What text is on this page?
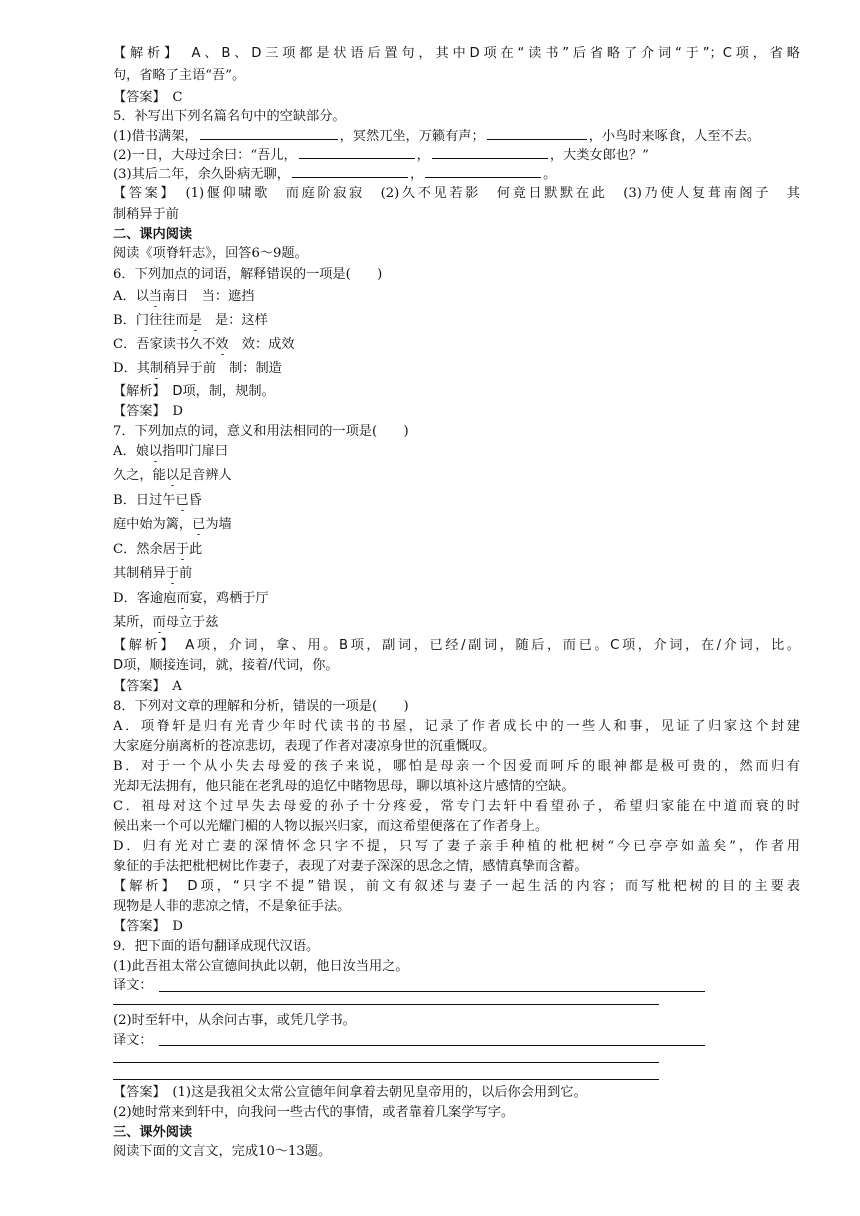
【解析】　A、B、D三项都是状语后置句，其中D项在“读书”后省略了介词“于”；C项，省略
句，省略了主语“吾”。
【答案】　C
5．补写出下列名篇名句中的空缺部分。
(1)借书满架，	，冥然兀坐，万籁有声；	，小鸟时来啄食，人至不去。
(2)一日，大母过余曰：“吾儿，	，	，大类女郎也？”
(3)其后二年，余久卧病无聊，	，	。
【答案】　(1)偃仰啸歌　而庭阶寂寂　(2)久不见若影　何竟日默默在此　(3)乃使人复葺南阁子　其
制稍异于前
二、课内阅读
阅读《项脊轩志》，回答6～9题。
6．下列加点的词语，解释错误的一项是(　　)
A．以当南日　当：遮挡
B．门往往而是　是：这样
C．吾家读书久不效　效：成效
D．其制稍异于前　制：制造
【解析】　D项，制，规制。
【答案】　D
7．下列加点的词，意义和用法相同的一项是(　　)
A．娘以指叩门扉曰
久之，能以足音辨人
B．日过午已昏
庭中始为篱，已为墙
C．然余居于此
其制稍异于前
D．客逾庖而宴，鸡栖于厅
某所，而母立于兹
【解析】　A项，介词，拿、用。B项，副词，已经/副词，随后，而已。C项，介词，在/介词，比。
D项，顺接连词，就，接着/代词，你。
【答案】　A
8．下列对文章的理解和分析，错误的一项是(　　)
A．项脊轩是归有光青少年时代读书的书屋，记录了作者成长中的一些人和事，见证了归家这个封建
大家庭分崩离析的苍凉悲切，表现了作者对凄凉身世的沉重慨叹。
B．对于一个从小失去母爱的孩子来说，哪怕是母亲一个因爱而呵斥的眼神都是极可贵的，然而归有
光却无法拥有，他只能在老乳母的追忆中睹物思母，聊以填补这片感情的空缺。
C．祖母对这个过早失去母爱的孙子十分疼爱，常专门去轩中看望孙子，希望归家能在中道而衰的时
候出来一个可以光耀门楣的人物以振兴归家，而这希望便落在了作者身上。
D．归有光对亡妻的深情怀念只字不提，只写了妻子亲手种植的枇杷树“今已亭亭如盖矣”，作者用
象征的手法把枇杷树比作妻子，表现了对妻子深深的思念之情，感情真挚而含蓄。
【解析】　D项，“只字不提”错误，前文有叙述与妻子一起生活的内容；而写枇杷树的目的主要表
现物是人非的悲凉之情，不是象征手法。
【答案】　D
9．把下面的语句翻译成现代汉语。
(1)此吾祖太常公宣德间执此以朝，他日汝当用之。
译文：
(2)时至轩中，从余问古事，或凭几学书。
译文：
【答案】　(1)这是我祖父太常公宣德年间拿着去朝见皇帝用的，以后你会用到它。
(2)她时常来到轩中，向我问一些古代的事情，或者靠着几案学写字。
三、课外阅读
阅读下面的文言文，完成10～13题。
